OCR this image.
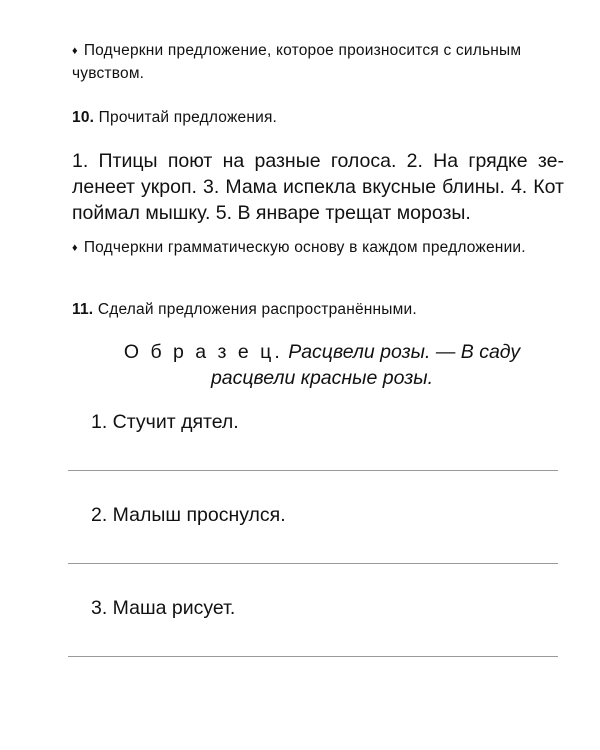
♦ Подчеркни предложение, которое произносится с сильным чувством.
10. Прочитай предложения.
1. Птицы поют на разные голоса. 2. На грядке зеленеет укроп. 3. Мама испекла вкусные блины. 4. Кот поймал мышку. 5. В январе трещат морозы.
♦ Подчеркни грамматическую основу в каждом предложении.
11. Сделай предложения распространёнными.
О б р а з е ц. Расцвели розы. — В саду расцвели красные розы.
1. Стучит дятел.
2. Малыш проснулся.
3. Маша рисует.
